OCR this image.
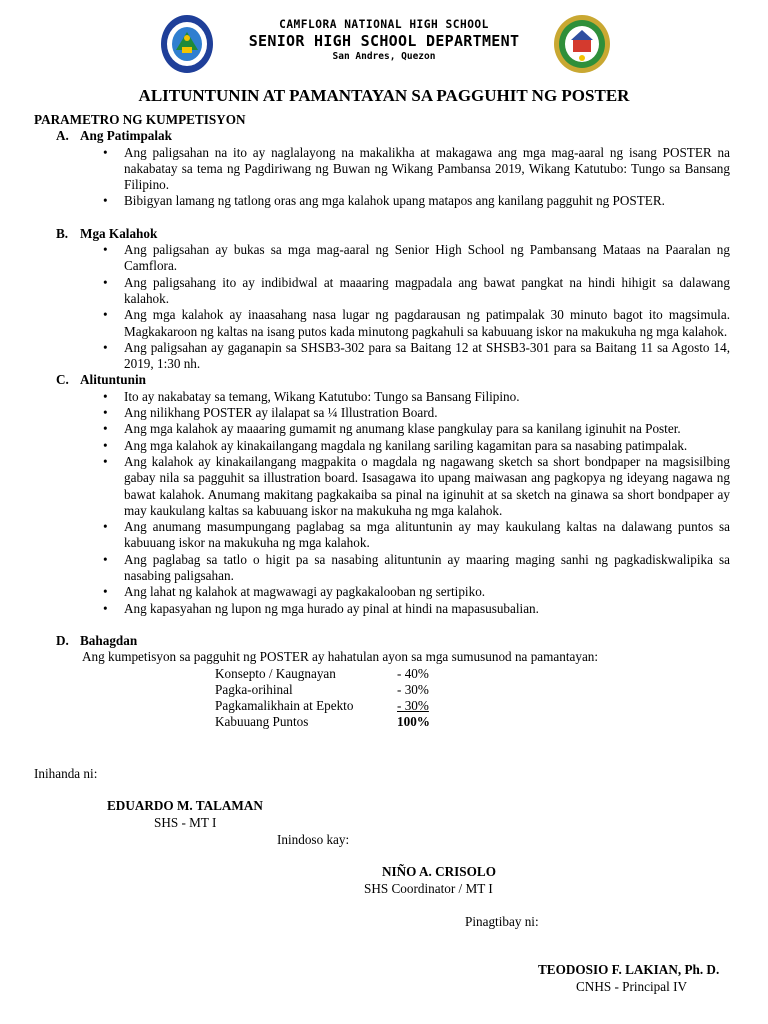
CAMFLORA NATIONAL HIGH SCHOOL
SENIOR HIGH SCHOOL DEPARTMENT
San Andres, Quezon
ALITUNTUNIN AT PAMANTAYAN SA PAGGUHIT NG POSTER
PARAMETRO NG KUMPETISYON
A. Ang Patimpalak
• Ang paligsahan na ito ay naglalayong na makalikha at makagawa ang mga mag-aaral ng isang POSTER na nakabatay sa tema ng Pagdiriwang ng Buwan ng Wikang Pambansa 2019, Wikang Katutubo: Tungo sa Bansang Filipino.
• Bibigyan lamang ng tatlong oras ang mga kalahok upang matapos ang kanilang pagguhit ng POSTER.
B. Mga Kalahok
• Ang paligsahan ay bukas sa mga mag-aaral ng Senior High School ng Pambansang Mataas na Paaralan ng Camflora.
• Ang paligsahang ito ay indibidwal at maaaring magpadala ang bawat pangkat na hindi hihigit sa dalawang kalahok.
• Ang mga kalahok ay inaasahang nasa lugar ng pagdarausan ng patimpalak 30 minuto bagot ito magsimula. Magkakaroon ng kaltas na isang putos kada minutong pagkahuli sa kabuuang iskor na makukuha ng mga kalahok.
• Ang paligsahan ay gaganapin sa SHSB3-302 para sa Baitang 12 at SHSB3-301 para sa Baitang 11 sa Agosto 14, 2019, 1:30 nh.
C. Alituntunin
• Ito ay nakabatay sa temang, Wikang Katutubo: Tungo sa Bansang Filipino.
• Ang nilikhang POSTER ay ilalapat sa ¼ Illustration Board.
• Ang mga kalahok ay maaaring gumamit ng anumang klase pangkulay para sa kanilang iginuhit na Poster.
• Ang mga kalahok ay kinakailangang magdala ng kanilang sariling kagamitan para sa nasabing patimpalak.
• Ang kalahok ay kinakailangang magpakita o magdala ng nagawang sketch sa short bondpaper na magsisilbing gabay nila sa pagguhit sa illustration board. Isasagawa ito upang maiwasan ang pagkopya ng ideyang nagawa ng bawat kalahok. Anumang makitang pagkakaiba sa pinal na iginuhit at sa sketch na ginawa sa short bondpaper ay may kaukulang kaltas sa kabuuang iskor na makukuha ng mga kalahok.
• Ang anumang masumpungang paglabag sa mga alituntunin ay may kaukulang kaltas na dalawang puntos sa kabuuang iskor na makukuha ng mga kalahok.
• Ang paglabag sa tatlo o higit pa sa nasabing alituntunin ay maaring maging sanhi ng pagkadiskwalipika sa nasabing paligsahan.
• Ang lahat ng kalahok at magwawagi ay pagkakalooban ng sertipiko.
• Ang kapasyahan ng lupon ng mga hurado ay pinal at hindi na mapasusubalian.
D. Bahagdan
Ang kumpetisyon sa pagguhit ng POSTER ay hahatulan ayon sa mga sumusunod na pamantayan:
Konsepto / Kaugnayan	- 40%
Pagka-orihinal	- 30%
Pagkamalikhain at Epekto	- 30%
Kabuuang Puntos	100%
Inihanda ni:
EDUARDO M. TALAMAN
SHS - MT I
Inindoso kay:
NIÑO A. CRISOLO
SHS Coordinator / MT I
Pinagtibay ni:
TEODOSIO F. LAKIAN, Ph. D.
CNHS - Principal IV
